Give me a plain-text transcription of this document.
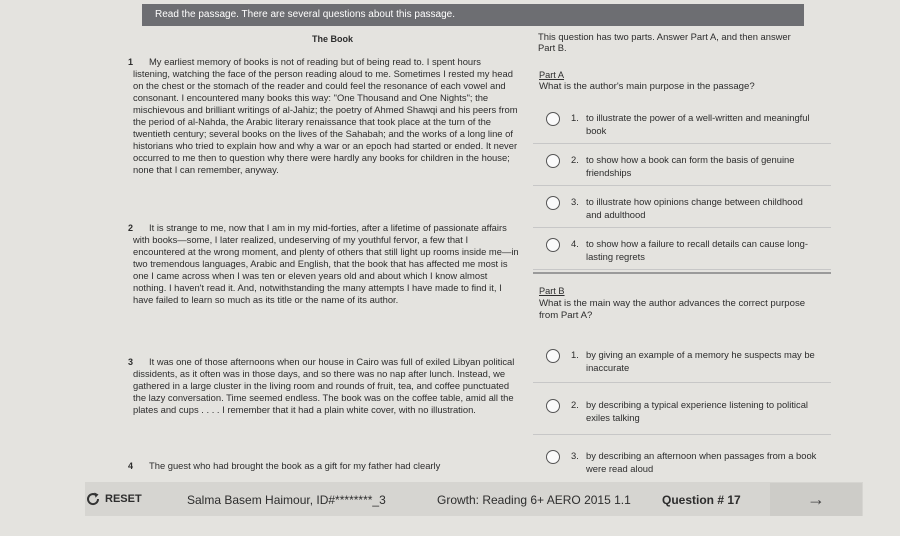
Read the passage. There are several questions about this passage.
The Book
1	My earliest memory of books is not of reading but of being read to. I spent hours listening, watching the face of the person reading aloud to me. Sometimes I rested my head on the chest or the stomach of the reader and could feel the resonance of each vowel and consonant. I encountered many books this way: "One Thousand and One Nights"; the mischievous and brilliant writings of al-Jahiz; the poetry of Ahmed Shawqi and his peers from the period of al-Nahda, the Arabic literary renaissance that took place at the turn of the twentieth century; several books on the lives of the Sahabah; and the works of a long line of historians who tried to explain how and why a war or an epoch had started or ended. It never occurred to me then to question why there were hardly any books for children in the house; none that I can remember, anyway.
2	It is strange to me, now that I am in my mid-forties, after a lifetime of passionate affairs with books—some, I later realized, undeserving of my youthful fervor, a few that I encountered at the wrong moment, and plenty of others that still light up rooms inside me—in two tremendous languages, Arabic and English, that the book that has affected me most is one I came across when I was ten or eleven years old and about which I know almost nothing. I haven't read it. And, notwithstanding the many attempts I have made to find it, I have failed to learn so much as its title or the name of its author.
3	It was one of those afternoons when our house in Cairo was full of exiled Libyan political dissidents, as it often was in those days, and so there was no nap after lunch. Instead, we gathered in a large cluster in the living room and rounds of fruit, tea, and coffee punctuated the lazy conversation. Time seemed endless. The book was on the coffee table, amid all the plates and cups . . . . I remember that it had a plain white cover, with no illustration.
4	The guest who had brought the book as a gift for my father had clearly
This question has two parts. Answer Part A, and then answer Part B.
Part A
What is the author's main purpose in the passage?
1. to illustrate the power of a well-written and meaningful book
2. to show how a book can form the basis of genuine friendships
3. to illustrate how opinions change between childhood and adulthood
4. to show how a failure to recall details can cause long-lasting regrets
Part B
What is the main way the author advances the correct purpose from Part A?
1. by giving an example of a memory he suspects may be inaccurate
2. by describing a typical experience listening to political exiles talking
3. by describing an afternoon when passages from a book were read aloud
RESET	Salma Basem Haimour, ID#********_3	Growth: Reading 6+ AERO 2015 1.1	Question # 17	→
